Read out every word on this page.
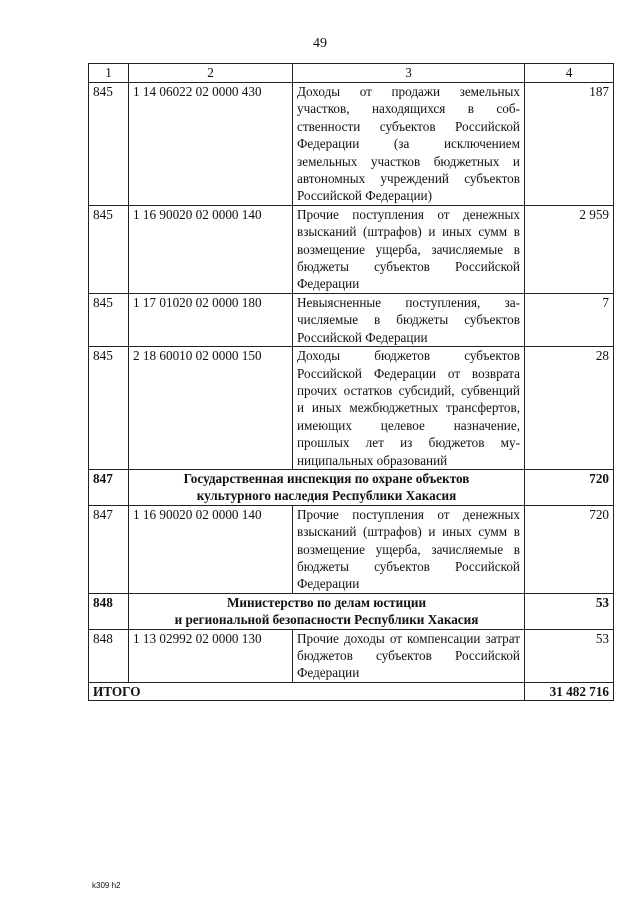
49
1	2	3	4
845	1 14 06022 02 0000 430	Доходы от продажи земельных участков, находящихся в собственности субъектов Российской Федерации (за исключением земельных участков бюджетных и автономных учреждений субъектов Российской Федерации)	187
845	1 16 90020 02 0000 140	Прочие поступления от денежных взысканий (штрафов) и иных сумм в возмещение ущерба, зачисляемые в бюджеты субъектов Российской Федерации	2 959
845	1 17 01020 02 0000 180	Невыясненные поступления, зачисляемые в бюджеты субъектов Российской Федерации	7
845	2 18 60010 02 0000 150	Доходы бюджетов субъектов Российской Федерации от возврата прочих остатков субсидий, субвенций и иных межбюджетных трансфертов, имеющих целевое назначение, прошлых лет из бюджетов муниципальных образований	28
847	Государственная инспекция по охране объектов
культурного наследия Республики Хакасия		720
847	1 16 90020 02 0000 140	Прочие поступления от денежных взысканий (штрафов) и иных сумм в возмещение ущерба, зачисляемые в бюджеты субъектов Российской Федерации	720
848	Министерство по делам юстиции
и региональной безопасности Республики Хакасия		53
848	1 13 02992 02 0000 130	Прочие доходы от компенсации затрат бюджетов субъектов Российской Федерации	53
ИТОГО			31 482 716
k309 h2
